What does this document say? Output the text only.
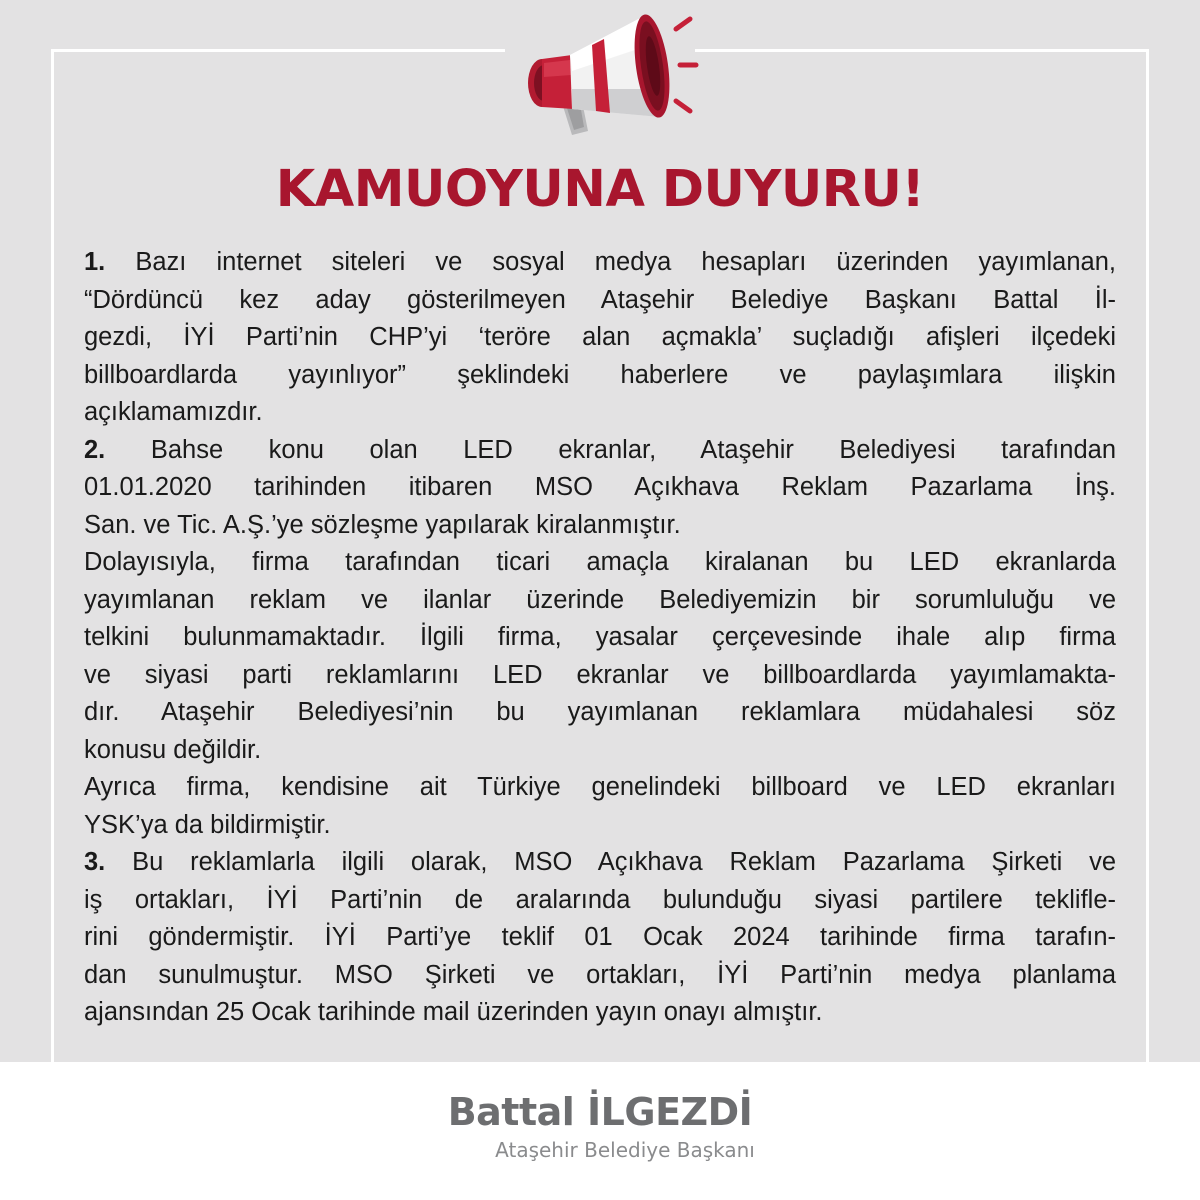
KAMUOYUNA DUYURU!
1. Bazı internet siteleri ve sosyal medya hesapları üzerinden yayımlanan,
“Dördüncü kez aday gösterilmeyen Ataşehir Belediye Başkanı Battal İl-
gezdi, İYİ Parti’nin CHP’yi ‘teröre alan açmakla’ suçladığı afişleri ilçedeki
billboardlarda yayınlıyor” şeklindeki haberlere ve paylaşımlara ilişkin
açıklamamızdır.
2. Bahse konu olan LED ekranlar, Ataşehir Belediyesi tarafından
01.01.2020 tarihinden itibaren MSO Açıkhava Reklam Pazarlama İnş.
San. ve Tic. A.Ş.’ye sözleşme yapılarak kiralanmıştır.
Dolayısıyla, firma tarafından ticari amaçla kiralanan bu LED ekranlarda
yayımlanan reklam ve ilanlar üzerinde Belediyemizin bir sorumluluğu ve
telkini bulunmamaktadır. İlgili firma, yasalar çerçevesinde ihale alıp firma
ve siyasi parti reklamlarını LED ekranlar ve billboardlarda yayımlamakta-
dır. Ataşehir Belediyesi’nin bu yayımlanan reklamlara müdahalesi söz
konusu değildir.
Ayrıca firma, kendisine ait Türkiye genelindeki billboard ve LED ekranları
YSK’ya da bildirmiştir.
3. Bu reklamlarla ilgili olarak, MSO Açıkhava Reklam Pazarlama Şirketi ve
iş ortakları, İYİ Parti’nin de aralarında bulunduğu siyasi partilere teklifle-
rini göndermiştir. İYİ Parti’ye teklif 01 Ocak 2024 tarihinde firma tarafın-
dan sunulmuştur. MSO Şirketi ve ortakları, İYİ Parti’nin medya planlama
ajansından 25 Ocak tarihinde mail üzerinden yayın onayı almıştır.
Battal İLGEZDİ
Ataşehir Belediye Başkanı
